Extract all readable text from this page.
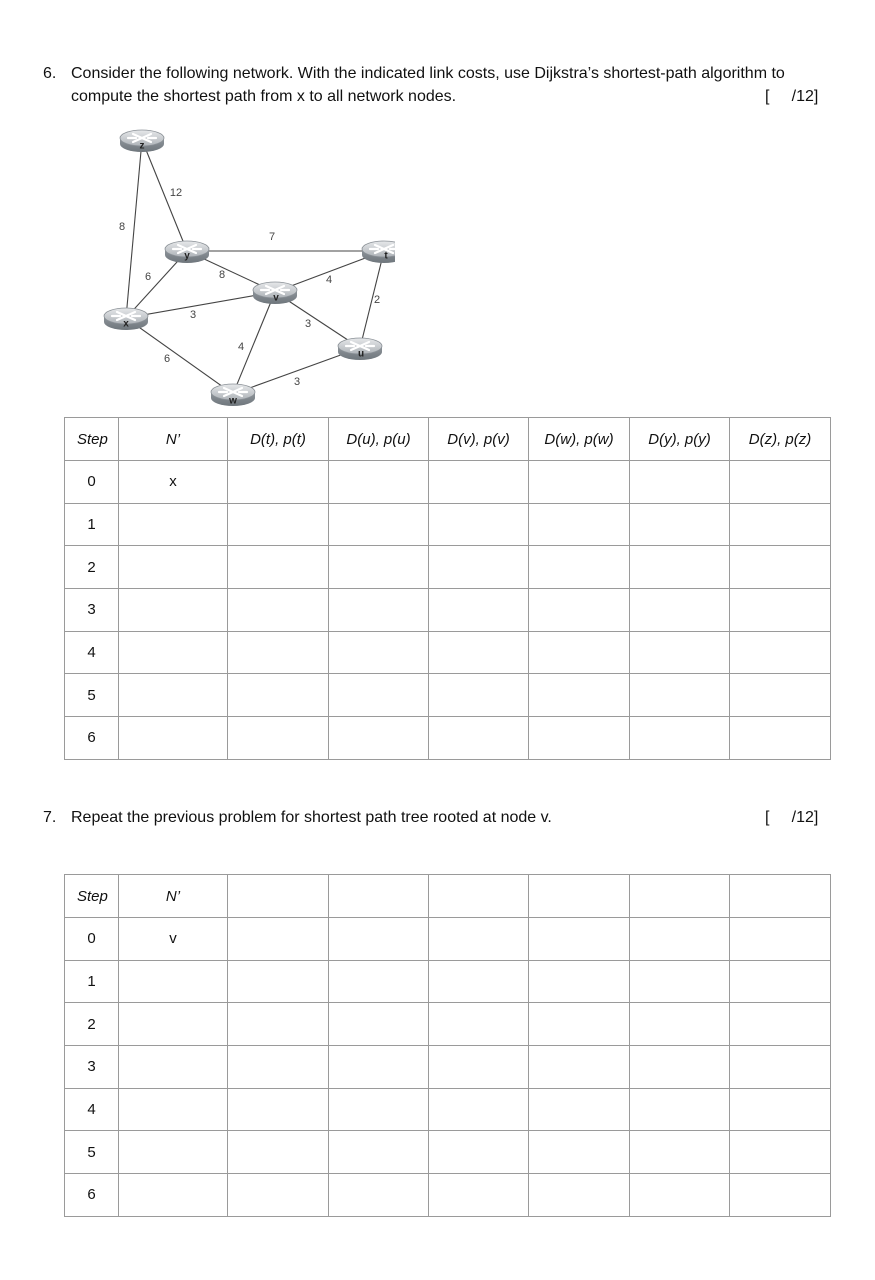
6. Consider the following network. With the indicated link costs, use Dijkstra’s shortest-path algorithm to
compute the shortest path from x to all network nodes.	[     /12]
8
12
7
6	8	4
3
2
3
4
6
3
z
y	t
v
x
u
w
Step	N’	D(t), p(t)	D(u), p(u)	D(v), p(v)	D(w), p(w)	D(y), p(y)	D(z), p(z)
0	x						
1							
2							
3							
4							
5							
6							
7. Repeat the previous problem for shortest path tree rooted at node v.	[     /12]
Step	N’						
0	v						
1							
2							
3							
4							
5							
6							
